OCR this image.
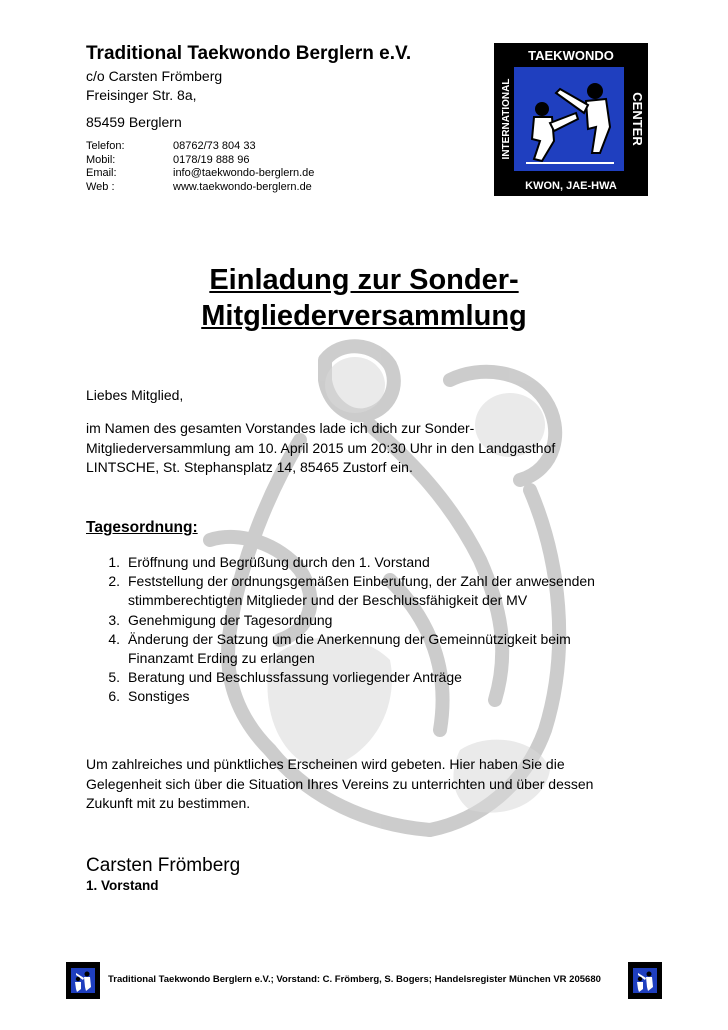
Traditional Taekwondo Berglern e.V.
c/o Carsten Frömberg
Freisinger Str. 8a,
85459 Berglern
Telefon:	08762/73 804 33
Mobil:	0178/19 888 96
Email:	info@taekwondo-berglern.de
Web :	www.taekwondo-berglern.de
TAEKWONDO
KWON, JAE-HWA
INTERNATIONAL	CENTER
Einladung zur Sonder-
Mitgliederversammlung
Liebes Mitglied,
im Namen des gesamten Vorstandes lade ich dich zur Sonder-
Mitgliederversammlung am 10. April 2015 um 20:30 Uhr in den Landgasthof
LINTSCHE, St. Stephansplatz 14, 85465 Zustorf ein.
Tagesordnung:
1. Eröffnung und Begrüßung durch den 1. Vorstand
2. Feststellung der ordnungsgemäßen Einberufung, der Zahl der anwesenden
stimmberechtigten Mitglieder und der Beschlussfähigkeit der MV
3. Genehmigung der Tagesordnung
4. Änderung der Satzung um die Anerkennung der Gemeinnützigkeit beim
Finanzamt Erding zu erlangen
5. Beratung und Beschlussfassung vorliegender Anträge
6. Sonstiges
Um zahlreiches und pünktliches Erscheinen wird gebeten. Hier haben Sie die
Gelegenheit sich über die Situation Ihres Vereins zu unterrichten und über dessen
Zukunft mit zu bestimmen.
Carsten Frömberg
1. Vorstand
Traditional Taekwondo Berglern e.V.; Vorstand: C. Frömberg, S. Bogers; Handelsregister München VR 205680
